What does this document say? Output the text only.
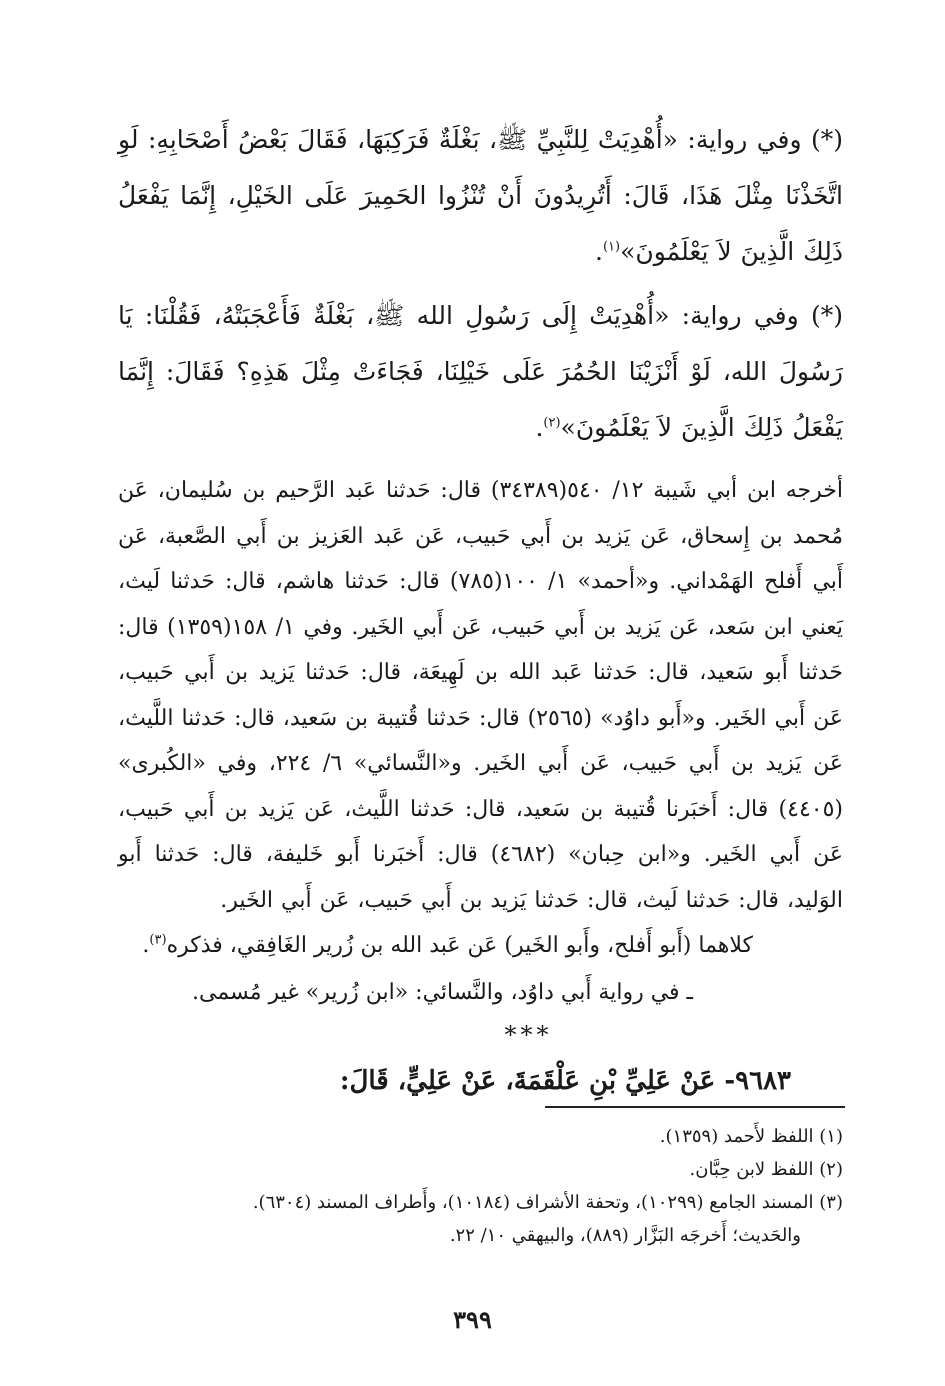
(*) وفي رواية: «أُهْدِيَتْ لِلنَّبِيِّ ﷺ، بَغْلَةٌ فَرَكِبَهَا، فَقَالَ بَعْضُ أَصْحَابِهِ: لَوِ اتَّخَذْنَا مِثْلَ هَذَا، قَالَ: أَتُرِيدُونَ أَنْ تُنْزُوا الحَمِيرَ عَلَى الخَيْلِ، إِنَّمَا يَفْعَلُ ذَلِكَ الَّذِينَ لاَ يَعْلَمُونَ»$^{(١)}$.

(*) وفي رواية: «أُهْدِيَتْ إِلَى رَسُولِ الله ﷺ، بَغْلَةٌ فَأَعْجَبَتْهُ، فَقُلْنَا: يَا رَسُولَ الله، لَوْ أَنْزَيْنَا الحُمُرَ عَلَى خَيْلِنَا، فَجَاءَتْ مِثْلَ هَذِهِ؟ فَقَالَ: إِنَّمَا يَفْعَلُ ذَلِكَ الَّذِينَ لاَ يَعْلَمُونَ»$^{(٢)}$.

أخرجه ابن أبي شَيبة ١٢/ ٥٤٠(٣٤٣٨٩) قال: حَدثنا عَبد الرَّحيم بن سُليمان، عَن مُحمد بن إِسحاق، عَن يَزيد بن أَبي حَبيب، عَن عَبد العَزيز بن أَبي الصَّعبة، عَن أَبي أَفلح الهَمْداني. و«أحمد» ١/ ١٠٠(٧٨٥) قال: حَدثنا هاشم، قال: حَدثنا لَيث، يَعني ابن سَعد، عَن يَزيد بن أَبي حَبيب، عَن أَبي الخَير. وفي ١/ ١٥٨(١٣٥٩) قال: حَدثنا أَبو سَعيد، قال: حَدثنا عَبد الله بن لَهِيعَة، قال: حَدثنا يَزيد بن أَبي حَبيب، عَن أَبي الخَير. و«أَبو داوُد» (٢٥٦٥) قال: حَدثنا قُتيبة بن سَعيد، قال: حَدثنا اللَّيث، عَن يَزيد بن أَبي حَبيب، عَن أَبي الخَير. و«النَّسائي» ٦/ ٢٢٤، وفي «الكُبرى» (٤٤٠٥) قال: أَخبَرنا قُتيبة بن سَعيد، قال: حَدثنا اللَّيث، عَن يَزيد بن أَبي حَبيب، عَن أَبي الخَير. و«ابن حِبان» (٤٦٨٢) قال: أَخبَرنا أَبو خَليفة، قال: حَدثنا أَبو الوَليد، قال: حَدثنا لَيث، قال: حَدثنا يَزيد بن أَبي حَبيب، عَن أَبي الخَير.

كلاهما (أَبو أَفلح، وأَبو الخَير) عَن عَبد الله بن زُرير الغَافِقي، فذكره$^{(٣)}$.

ـ في رواية أَبي داوُد، والنَّسائي: «ابن زُرير» غير مُسمى.

***
٩٦٨٣- عَنْ عَلِيِّ بْنِ عَلْقَمَةَ، عَنْ عَلِيٍّ، قَالَ:

(١) اللفظ لأَحمد (١٣٥٩).

(٢) اللفظ لابن حِبَّان.

(٣) المسند الجامع (١٠٢٩٩)، وتحفة الأشراف (١٠١٨٤)، وأَطراف المسند (٦٣٠٤).

والحَديث؛ أَخرجَه البَزَّار (٨٨٩)، والبيهقي ١٠/ ٢٢.

٣٩٩
